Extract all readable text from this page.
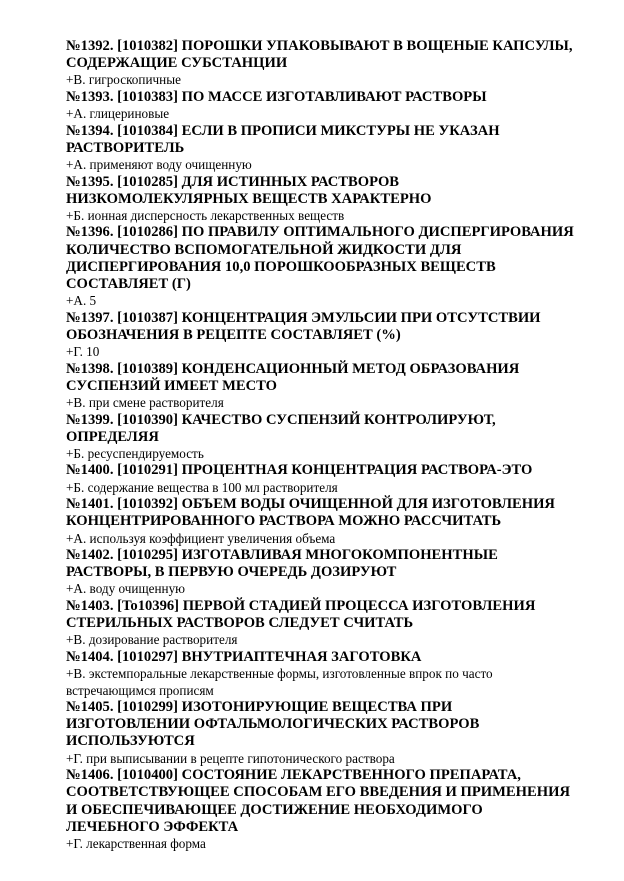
№1392. [1010382] ПОРОШКИ УПАКОВЫВАЮТ В ВОЩЕНЫЕ КАПСУЛЫ, СОДЕРЖАЩИЕ СУБСТАНЦИИ

+В. гигроскопичные

№1393. [1010383] ПО МАССЕ ИЗГОТАВЛИВАЮТ РАСТВОРЫ

+А. глицериновые

№1394. [1010384] ЕСЛИ В ПРОПИСИ МИКСТУРЫ НЕ УКАЗАН РАСТВОРИТЕЛЬ

+А. применяют воду очищенную

№1395. [1010285] ДЛЯ ИСТИННЫХ РАСТВОРОВ НИЗКОМОЛЕКУЛЯРНЫХ ВЕЩЕСТВ ХАРАКТЕРНО

+Б. ионная дисперсность лекарственных веществ

№1396. [1010286] ПО ПРАВИЛУ ОПТИМАЛЬНОГО ДИСПЕРГИРОВАНИЯ КОЛИЧЕСТВО ВСПОМОГАТЕЛЬНОЙ ЖИДКОСТИ ДЛЯ ДИСПЕРГИРОВАНИЯ 10,0 ПОРОШКООБРАЗНЫХ ВЕЩЕСТВ СОСТАВЛЯЕТ (Г)

+А. 5

№1397. [1010387] КОНЦЕНТРАЦИЯ ЭМУЛЬСИИ ПРИ ОТСУТСТВИИ ОБОЗНАЧЕНИЯ В РЕЦЕПТЕ СОСТАВЛЯЕТ (%)

+Г. 10

№1398. [1010389] КОНДЕНСАЦИОННЫЙ МЕТОД ОБРАЗОВАНИЯ СУСПЕНЗИЙ ИМЕЕТ МЕСТО

+В. при смене растворителя

№1399. [1010390] КАЧЕСТВО СУСПЕНЗИЙ КОНТРОЛИРУЮТ, ОПРЕДЕЛЯЯ

+Б. ресуспендируемость

№1400. [1010291] ПРОЦЕНТНАЯ КОНЦЕНТРАЦИЯ РАСТВОРА-ЭТО

+Б. содержание вещества в 100 мл растворителя

№1401. [1010392] ОБЪЕМ ВОДЫ ОЧИЩЕННОЙ ДЛЯ ИЗГОТОВЛЕНИЯ КОНЦЕНТРИРОВАННОГО РАСТВОРА МОЖНО РАССЧИТАТЬ

+А. используя коэффициент увеличения объема

№1402. [1010295] ИЗГОТАВЛИВАЯ МНОГОКОМПОНЕНТНЫЕ РАСТВОРЫ, В ПЕРВУЮ ОЧЕРЕДЬ ДОЗИРУЮТ

+А. воду очищенную

№1403. [To10396] ПЕРВОЙ СТАДИЕЙ ПРОЦЕССА ИЗГОТОВЛЕНИЯ СТЕРИЛЬНЫХ РАСТВОРОВ СЛЕДУЕТ СЧИТАТЬ

+В. дозирование растворителя

№1404. [1010297] ВНУТРИАПТЕЧНАЯ ЗАГОТОВКА

+В. экстемпоральные лекарственные формы, изготовленные впрок по часто встречающимся прописям

№1405. [1010299] ИЗОТОНИРУЮЩИЕ ВЕЩЕСТВА ПРИ ИЗГОТОВЛЕНИИ ОФТАЛЬМОЛОГИЧЕСКИХ РАСТВОРОВ ИСПОЛЬЗУЮТСЯ

+Г. при выписывании в рецепте гипотонического раствора

№1406. [1010400] СОСТОЯНИЕ ЛЕКАРСТВЕННОГО ПРЕПАРАТА, СООТВЕТСТВУЮЩЕЕ СПОСОБАМ ЕГО ВВЕДЕНИЯ И ПРИМЕНЕНИЯ И ОБЕСПЕЧИВАЮЩЕЕ ДОСТИЖЕНИЕ НЕОБХОДИМОГО ЛЕЧЕБНОГО ЭФФЕКТА

+Г. лекарственная форма
